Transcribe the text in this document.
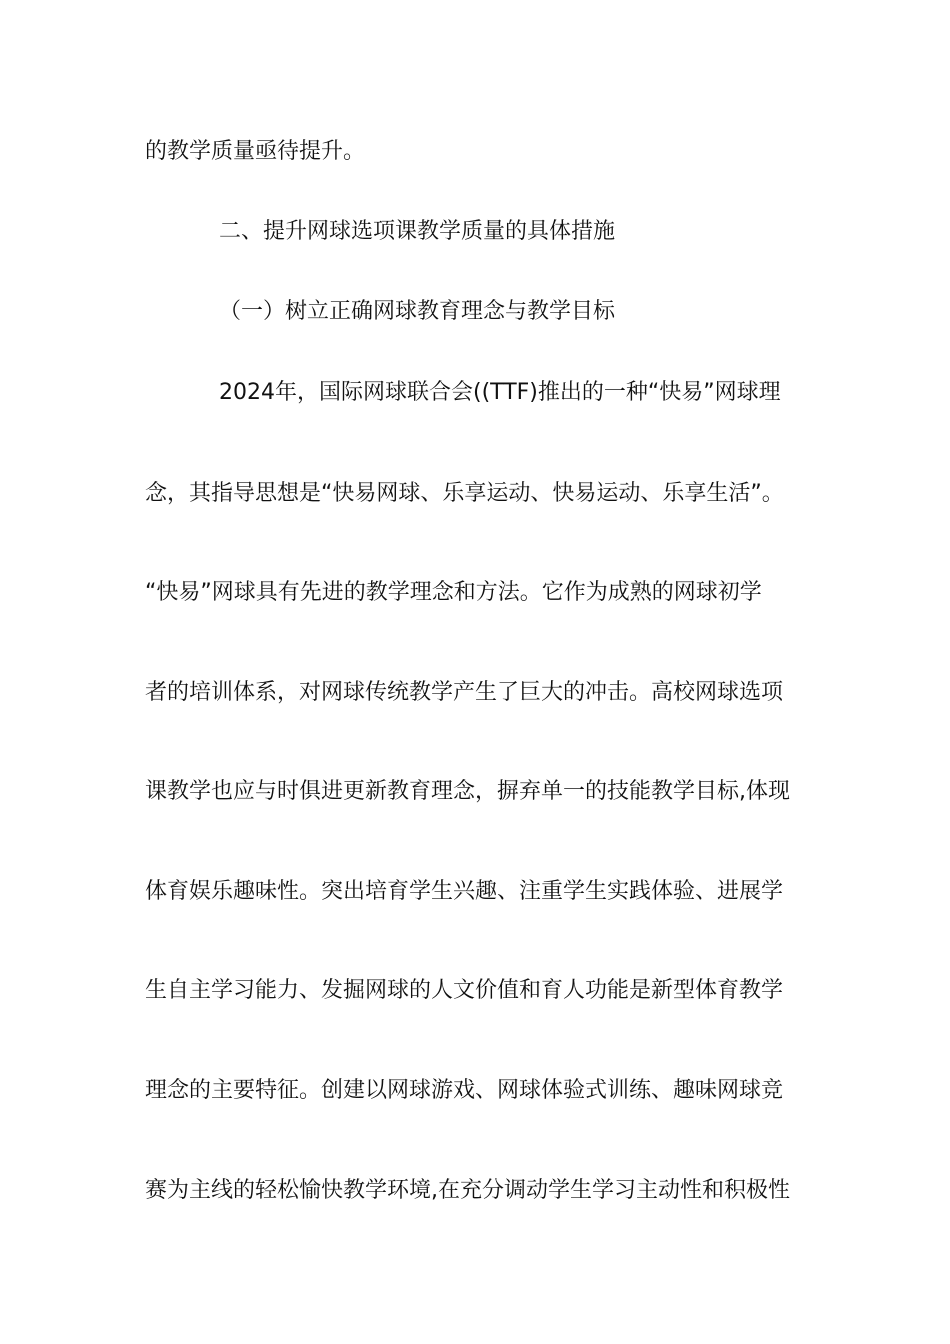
的教学质量亟待提升。
二、提升网球选项课教学质量的具体措施
（一）树立正确网球教育理念与教学目标
2024年，国际网球联合会((TTF)推出的一种“快易”网球理
念，其指导思想是“快易网球、乐享运动、快易运动、乐享生活”。
“快易”网球具有先进的教学理念和方法。它作为成熟的网球初学
者的培训体系，对网球传统教学产生了巨大的冲击。高校网球选项
课教学也应与时俱进更新教育理念，摒弃单一的技能教学目标,体现
体育娱乐趣味性。突出培育学生兴趣、注重学生实践体验、进展学
生自主学习能力、发掘网球的人文价值和育人功能是新型体育教学
理念的主要特征。创建以网球游戏、网球体验式训练、趣味网球竞
赛为主线的轻松愉快教学环境,在充分调动学生学习主动性和积极性
